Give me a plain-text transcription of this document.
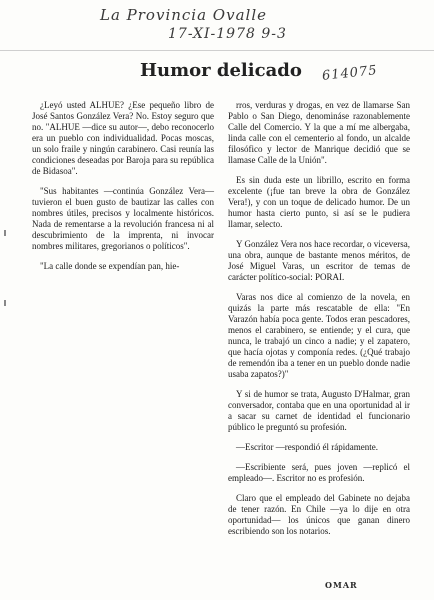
La Provincia Ovalle
17-XI-1978 9-3
614075
Humor delicado

¿Leyó usted ALHUE? ¿Ese pequeño libro de José Santos González Vera? No. Estoy seguro que no. "ALHUE —dice su autor—, debo reconocerlo era un pueblo con individualidad. Pocas moscas, un solo fraile y ningún carabinero. Casi reunía las condiciones deseadas por Baroja para su república de Bidasoa".

"Sus habitantes —continúa González Vera— tuvieron el buen gusto de bautizar las calles con nombres útiles, precisos y localmente históricos. Nada de rementarse a la revolución francesa ni al descubrimiento de la imprenta, ni invocar nombres militares, gregorianos o políticos".

"La calle donde se expendían pan, hie-

rros, verduras y drogas, en vez de llamarse San Pablo o San Diego, denomináse razonablemente Calle del Comercio. Y la que a mí me albergaba, linda calle con el cementerio al fondo, un alcalde filosófico y lector de Manrique decidió que se llamase Calle de la Unión".

Es sin duda este un librillo, escrito en forma excelente (¡fue tan breve la obra de González Vera!), y con un toque de delicado humor. De un humor hasta cierto punto, si así se le pudiera llamar, selecto.

Y González Vera nos hace recordar, o viceversa, una obra, aunque de bastante menos méritos, de José Miguel Varas, un escritor de temas de carácter político-social: PORAI.

Varas nos dice al comienzo de la novela, en quizás la parte más rescatable de ella: "En Varazón había poca gente. Todos eran pescadores, menos el carabinero, se entiende; y el cura, que nunca, le trabajó un cinco a nadie; y el zapatero, que hacía ojotas y componía redes. (¿Qué trabajo de remendón iba a tener en un pueblo donde nadie usaba zapatos?)"

Y si de humor se trata, Augusto D'Halmar, gran conversador, contaba que en una oportunidad al ir a sacar su carnet de identidad el funcionario público le preguntó su profesión.

—Escritor —respondió él rápidamente.

—Escribiente será, pues joven —replicó el empleado—. Escritor no es profesión.

Claro que el empleado del Gabinete no dejaba de tener razón. En Chile —ya lo dije en otra oportunidad— los únicos que ganan dinero escribiendo son los notarios.

OMAR
